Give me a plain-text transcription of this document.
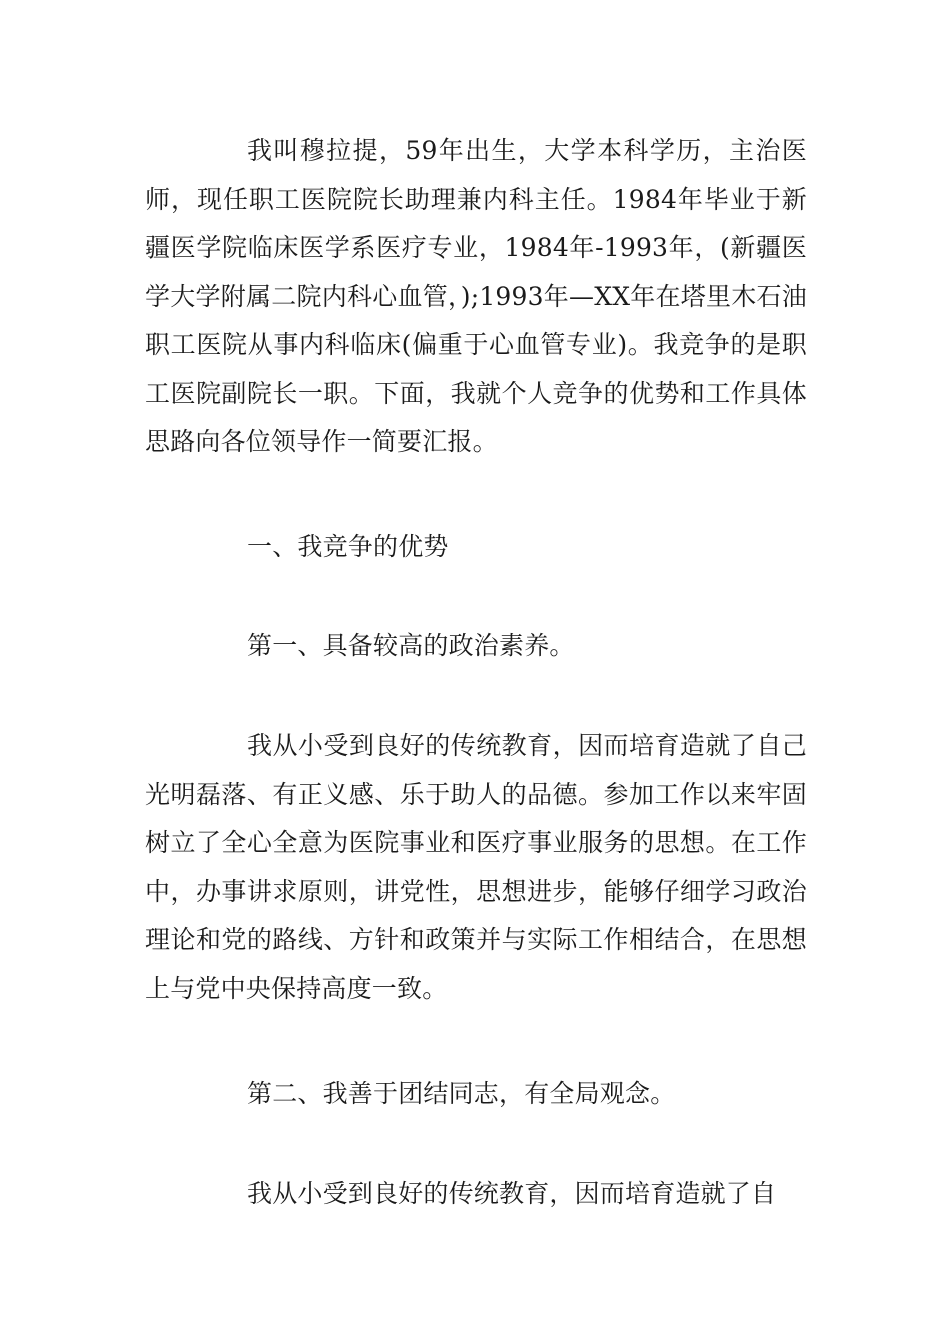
我叫穆拉提，59年出生，大学本科学历，主治医师，现任职工医院院长助理兼内科主任。1984年毕业于新疆医学院临床医学系医疗专业，1984年-1993年，(新疆医学大学附属二院内科心血管，);1993年—XX年在塔里木石油职工医院从事内科临床(偏重于心血管专业)。我竞争的是职工医院副院长一职。下面，我就个人竞争的优势和工作具体思路向各位领导作一简要汇报。

一、我竞争的优势

第一、具备较高的政治素养。

我从小受到良好的传统教育，因而培育造就了自己光明磊落、有正义感、乐于助人的品德。参加工作以来牢固树立了全心全意为医院事业和医疗事业服务的思想。在工作中，办事讲求原则，讲党性，思想进步，能够仔细学习政治理论和党的路线、方针和政策并与实际工作相结合，在思想上与党中央保持高度一致。

第二、我善于团结同志，有全局观念。

我从小受到良好的传统教育，因而培育造就了自
